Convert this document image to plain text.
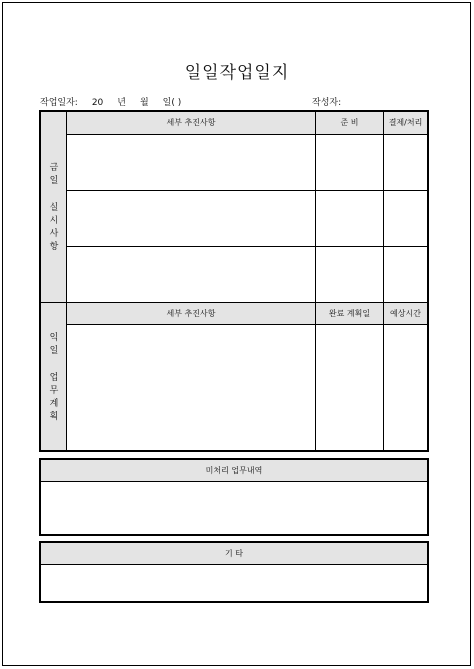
일일작업일지
작업일자: 20 년 월 일( )	작성자:
세부 추진사항	준 비	결제/처리
세부 추진사항	완료 계획일	예상시간
금
일
실
시
사
항
익
일
업
무
계
획
미처리 업무내역
기 타
